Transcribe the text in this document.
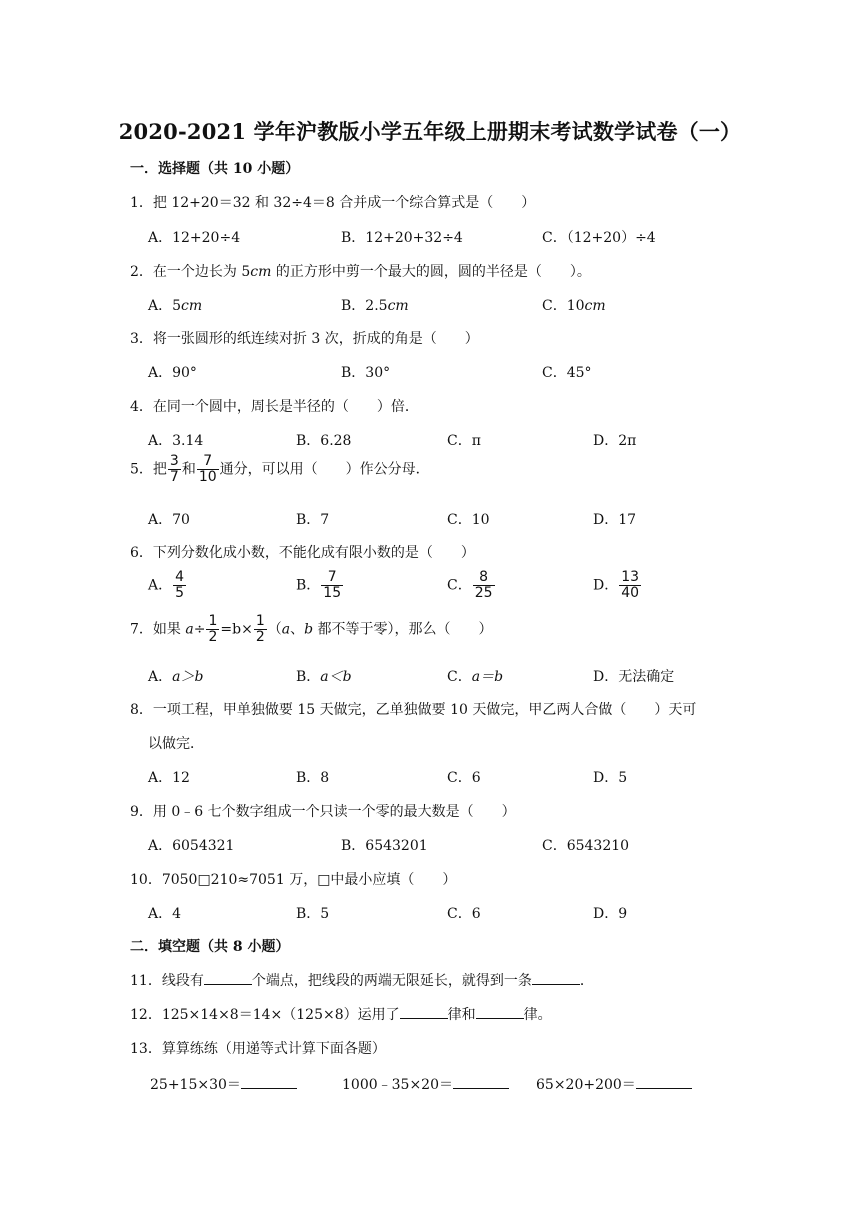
2020-2021 学年沪教版小学五年级上册期末考试数学试卷（一）
一．选择题（共 10 小题）
1．把 12+20＝32 和 32÷4＝8 合并成一个综合算式是（　　）
A．12+20÷4	B．12+20+32÷4	C．（12+20）÷4
2．在一个边长为 5cm 的正方形中剪一个最大的圆，圆的半径是（　　）。
A．5cm	B．2.5cm	C．10cm
3．将一张圆形的纸连续对折 3 次，折成的角是（　　）
A．90°	B．30°	C．45°
4．在同一个圆中，周长是半径的（　　）倍．
A．3.14	B．6.28	C．π	D．2π
5．把 $\frac{3}{7}$ 和 $\frac{7}{10}$ 通分，可以用（　　）作公分母．
A．70	B．7	C．10	D．17
6．下列分数化成小数，不能化成有限小数的是（　　）
A． $\frac{4}{5}$	B． $\frac{7}{15}$	C． $\frac{8}{25}$	D． $\frac{13}{40}$
7．如果 $a\div \frac{1}{2} =b\times \frac{1}{2} (a$、b 都不等于零），那么（　　）
A．a＞b	B．a＜b	C．a＝b	D．无法确定
8．一项工程，甲单独做要 15 天做完，乙单独做要 10 天做完，甲乙两人合做（　　）天可
以做完．
A．12	B．8	C．6	D．5
9．用 0﹣6 七个数字组成一个只读一个零的最大数是（　　）
A．6054321	B．6543201	C．6543210
10．7050□210≈7051 万，□中最小应填（　　）
A．4	B．5	C．6	D．9
二．填空题（共 8 小题）
11．线段有	个端点，把线段的两端无限延长，就得到一条	．
12．125×14×8＝14×（125×8）运用了	律和	律。
13．算算练练（用递等式计算下面各题）
25+15×30＝	1000﹣35×20＝	65×20+200＝
